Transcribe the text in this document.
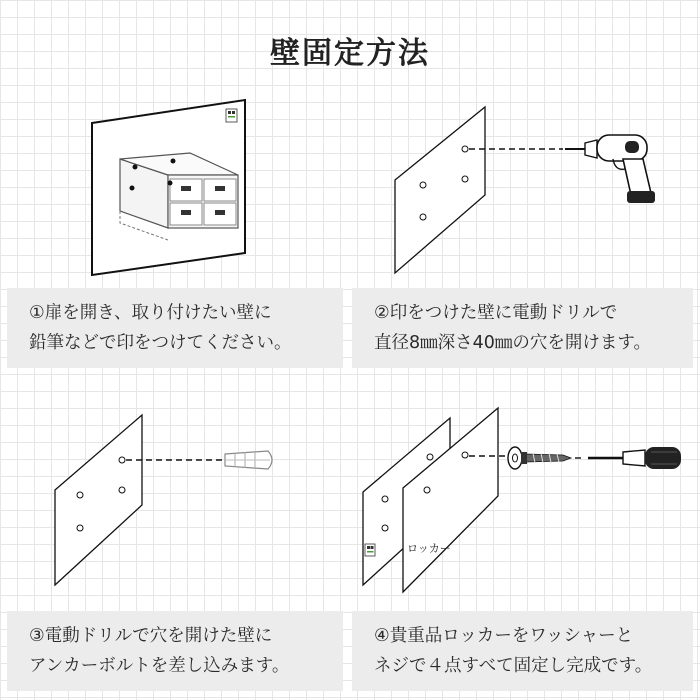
壁固定方法
ロッカー
①扉を開き、取り付けたい壁に
鉛筆などで印をつけてください。
②印をつけた壁に電動ドリルで
直径8㎜深さ40㎜の穴を開けます。
③電動ドリルで穴を開けた壁に
アンカーボルトを差し込みます。
④貴重品ロッカーをワッシャーと
ネジで４点すべて固定し完成です。
